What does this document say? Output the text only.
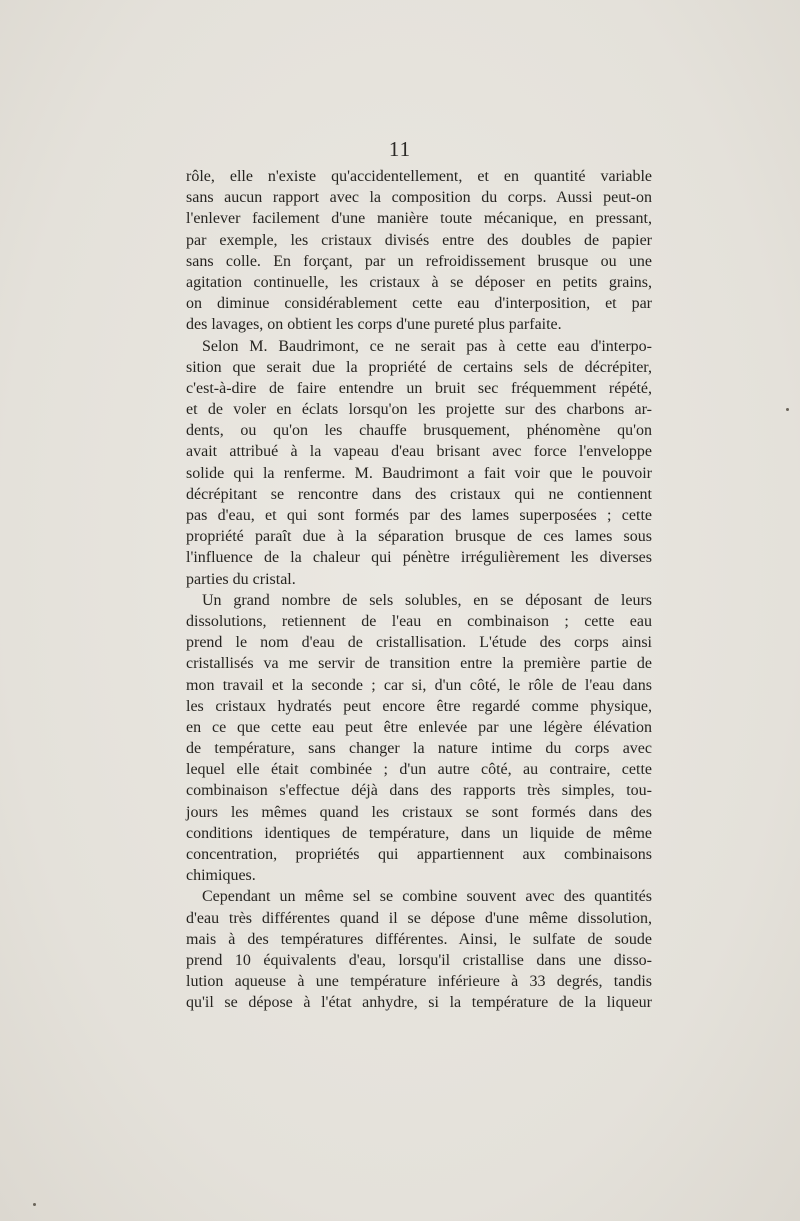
11

rôle, elle n'existe qu'accidentellement, et en quantité variable
sans aucun rapport avec la composition du corps. Aussi peut-on
l'enlever facilement d'une manière toute mécanique, en pressant,
par exemple, les cristaux divisés entre des doubles de papier
sans colle. En forçant, par un refroidissement brusque ou une
agitation continuelle, les cristaux à se déposer en petits grains,
on diminue considérablement cette eau d'interposition, et par
des lavages, on obtient les corps d'une pureté plus parfaite.

Selon M. Baudrimont, ce ne serait pas à cette eau d'interpo-
sition que serait due la propriété de certains sels de décrépiter,
c'est-à-dire de faire entendre un bruit sec fréquemment répété,
et de voler en éclats lorsqu'on les projette sur des charbons ar-
dents, ou qu'on les chauffe brusquement, phénomène qu'on
avait attribué à la vapeau d'eau brisant avec force l'enveloppe
solide qui la renferme. M. Baudrimont a fait voir que le pouvoir
décrépitant se rencontre dans des cristaux qui ne contiennent
pas d'eau, et qui sont formés par des lames superposées ; cette
propriété paraît due à la séparation brusque de ces lames sous
l'influence de la chaleur qui pénètre irrégulièrement les diverses
parties du cristal.

Un grand nombre de sels solubles, en se déposant de leurs
dissolutions, retiennent de l'eau en combinaison ; cette eau
prend le nom d'eau de cristallisation. L'étude des corps ainsi
cristallisés va me servir de transition entre la première partie de
mon travail et la seconde ; car si, d'un côté, le rôle de l'eau dans
les cristaux hydratés peut encore être regardé comme physique,
en ce que cette eau peut être enlevée par une légère élévation
de température, sans changer la nature intime du corps avec
lequel elle était combinée ; d'un autre côté, au contraire, cette
combinaison s'effectue déjà dans des rapports très simples, tou-
jours les mêmes quand les cristaux se sont formés dans des
conditions identiques de température, dans un liquide de même
concentration, propriétés qui appartiennent aux combinaisons
chimiques.

Cependant un même sel se combine souvent avec des quantités
d'eau très différentes quand il se dépose d'une même dissolution,
mais à des températures différentes. Ainsi, le sulfate de soude
prend 10 équivalents d'eau, lorsqu'il cristallise dans une disso-
lution aqueuse à une température inférieure à 33 degrés, tandis
qu'il se dépose à l'état anhydre, si la température de la liqueur
